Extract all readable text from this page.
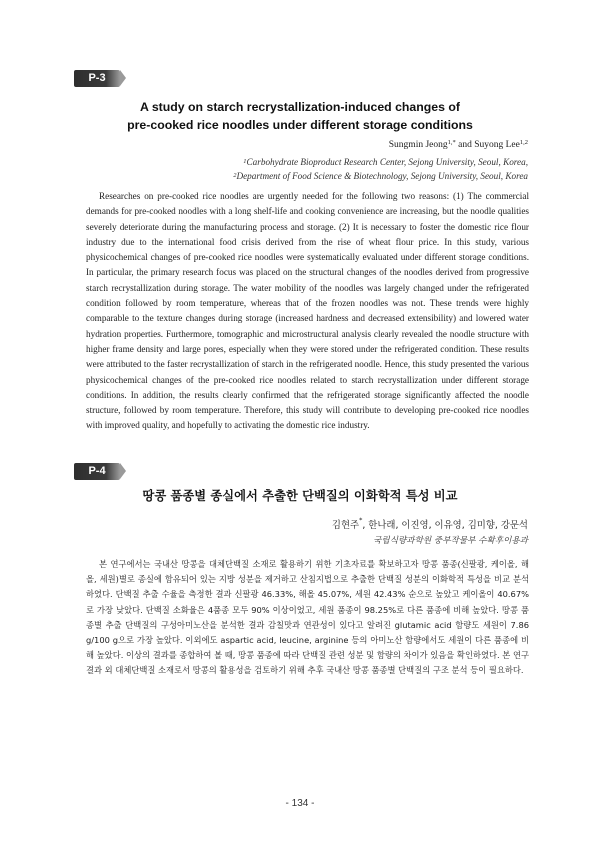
P-3
A study on starch recrystallization-induced changes of
pre-cooked rice noodles under different storage conditions
Sungmin Jeong$^{1,*}$ and Suyong Lee$^{1,2}$

$^1$Carbohydrate Bioproduct Research Center, Sejong University, Seoul, Korea,

$^2$Department of Food Science & Biotechnology, Sejong University, Seoul, Korea

Researches on pre-cooked rice noodles are urgently needed for the following two reasons: (1) The commercial demands for pre-cooked noodles with a long shelf-life and cooking convenience are increasing, but the noodle qualities severely deteriorate during the manufacturing process and storage. (2) It is necessary to foster the domestic rice flour industry due to the international food crisis derived from the rise of wheat flour price. In this study, various physicochemical changes of pre-cooked rice noodles were systematically evaluated under different storage conditions. In particular, the primary research focus was placed on the structural changes of the noodles derived from progressive starch recrystallization during storage. The water mobility of the noodles was largely changed under the refrigerated condition followed by room temperature, whereas that of the frozen noodles was not. These trends were highly comparable to the texture changes during storage (increased hardness and decreased extensibility) and lowered water hydration properties. Furthermore, tomographic and microstructural analysis clearly revealed the noodle structure with higher frame density and large pores, especially when they were stored under the refrigerated condition. These results were attributed to the faster recrystallization of starch in the refrigerated noodle. Hence, this study presented the various physicochemical changes of the pre-cooked rice noodles related to starch recrystallization under different storage conditions. In addition, the results clearly confirmed that the refrigerated storage significantly affected the noodle structure, followed by room temperature. Therefore, this study will contribute to developing pre-cooked rice noodles with improved quality, and hopefully to activating the domestic rice industry.

P-4
땅콩 품종별 종실에서 추출한 단백질의 이화학적 특성 비교
김현주*, 한나래, 이진영, 이유영, 김미향, 강문석
국립식량과학원 중부작물부 수확후이용과

본 연구에서는 국내산 땅콩을 대체단백질 소재로 활용하기 위한 기초자료를 확보하고자 땅콩 품종(신팔광, 케이올, 해올, 세원)별로 종실에 함유되어 있는 지방 성분을 제거하고 산침지법으로 추출한 단백질 성분의 이화학적 특성을 비교 분석하였다. 단백질 추출 수율을 측정한 결과 신팔광 46.33%, 해올 45.07%, 세원 42.43% 순으로 높았고 케이올이 40.67%로 가장 낮았다. 단백질 소화율은 4품종 모두 90% 이상이었고, 세원 품종이 98.25%로 다른 품종에 비해 높았다. 땅콩 품종별 추출 단백질의 구성아미노산을 분석한 결과 감칠맛과 연관성이 있다고 알려진 glutamic acid 함량도 세원이 7.86 g/100 g으로 가장 높았다. 이외에도 aspartic acid, leucine, arginine 등의 아미노산 함량에서도 세원이 다른 품종에 비해 높았다. 이상의 결과를 종합하여 볼 때, 땅콩 품종에 따라 단백질 관련 성분 및 함량의 차이가 있음을 확인하였다. 본 연구결과 외 대체단백질 소재로서 땅콩의 활용성을 검토하기 위해 추후 국내산 땅콩 품종별 단백질의 구조 분석 등이 필요하다.

- 134 -
